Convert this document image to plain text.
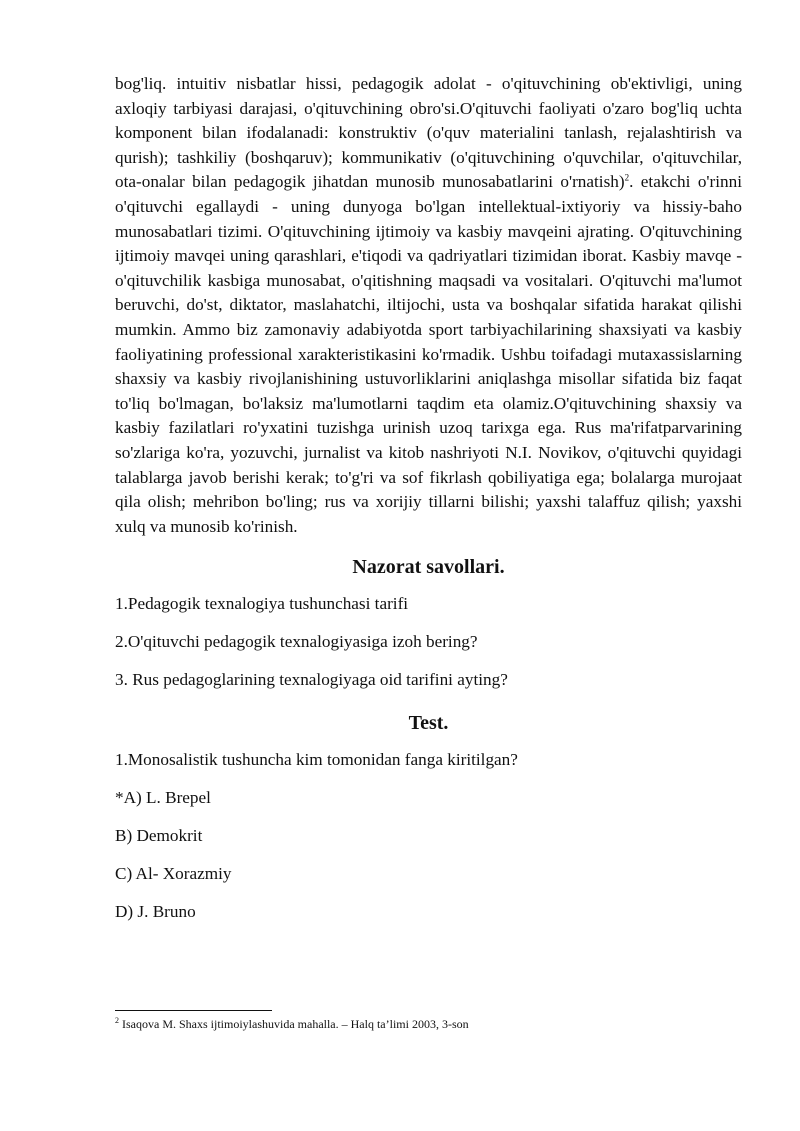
bog'liq. intuitiv nisbatlar hissi, pedagogik adolat - o'qituvchining ob'ektivligi, uning axloqiy tarbiyasi darajasi, o'qituvchining obro'si.O'qituvchi faoliyati o'zaro bog'liq uchta komponent bilan ifodalanadi: konstruktiv (o'quv materialini tanlash, rejalashtirish va qurish); tashkiliy (boshqaruv); kommunikativ (o'qituvchining o'quvchilar, o'qituvchilar, ota-onalar bilan pedagogik jihatdan munosib munosabatlarini o'rnatish)$^2$. etakchi o'rinni o'qituvchi egallaydi - uning dunyoga bo'lgan intellektual-ixtiyoriy va hissiy-baho munosabatlari tizimi. O'qituvchining ijtimoiy va kasbiy mavqeini ajrating. O'qituvchining ijtimoiy mavqei uning qarashlari, e'tiqodi va qadriyatlari tizimidan iborat. Kasbiy mavqe - o'qituvchilik kasbiga munosabat, o'qitishning maqsadi va vositalari. O'qituvchi ma'lumot beruvchi, do'st, diktator, maslahatchi, iltijochi, usta va boshqalar sifatida harakat qilishi mumkin. Ammo biz zamonaviy adabiyotda sport tarbiyachilarining shaxsiyati va kasbiy faoliyatining professional xarakteristikasini ko'rmadik. Ushbu toifadagi mutaxassislarning shaxsiy va kasbiy rivojlanishining ustuvorliklarini aniqlashga misollar sifatida biz faqat to'liq bo'lmagan, bo'laksiz ma'lumotlarni taqdim eta olamiz.O'qituvchining shaxsiy va kasbiy fazilatlari ro'yxatini tuzishga urinish uzoq tarixga ega. Rus ma'rifatparvarining so'zlariga ko'ra, yozuvchi, jurnalist va kitob nashriyoti N.I. Novikov, o'qituvchi quyidagi talablarga javob berishi kerak; to'g'ri va sof fikrlash qobiliyatiga ega; bolalarga murojaat qila olish; mehribon bo'ling; rus va xorijiy tillarni bilishi; yaxshi talaffuz qilish; yaxshi xulq va munosib ko'rinish.

Nazorat savollari.

1.Pedagogik texnalogiya tushunchasi tarifi

2.O'qituvchi pedagogik texnalogiyasiga izoh bering?

3. Rus pedagoglarining texnalogiyaga oid tarifini ayting?

Test.

1.Monosalistik tushuncha kim tomonidan fanga kiritilgan?

*A) L. Brepel

B) Demokrit

C) Al- Xorazmiy

D) J. Bruno

$^2$ Isaqova M. Shaxs ijtimoiylashuvida mahalla. – Halq ta’limi 2003, 3-son
